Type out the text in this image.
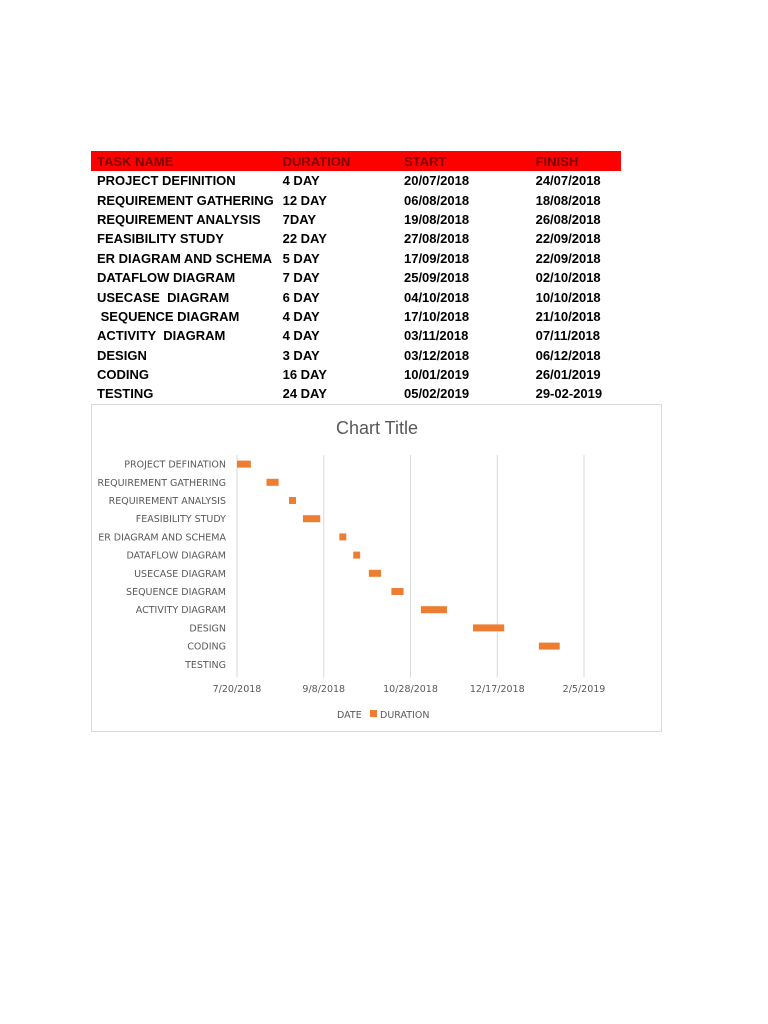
TASK NAME	DURATION	START	FINISH
PROJECT DEFINITION	4 DAY	20/07/2018	24/07/2018
REQUIREMENT GATHERING	12 DAY	06/08/2018	18/08/2018
REQUIREMENT ANALYSIS	7DAY	19/08/2018	26/08/2018
FEASIBILITY STUDY	22 DAY	27/08/2018	22/09/2018
ER DIAGRAM AND SCHEMA	5 DAY	17/09/2018	22/09/2018
DATAFLOW DIAGRAM	7 DAY	25/09/2018	02/10/2018
USECASE  DIAGRAM	6 DAY	04/10/2018	10/10/2018
SEQUENCE DIAGRAM	4 DAY	17/10/2018	21/10/2018
ACTIVITY  DIAGRAM	4 DAY	03/11/2018	07/11/2018
DESIGN	3 DAY	03/12/2018	06/12/2018
CODING	16 DAY	10/01/2019	26/01/2019
TESTING	24 DAY	05/02/2019	29-02-2019
Chart Title
7/20/2018	9/8/2018	10/28/2018	12/17/2018	2/5/2019
PROJECT DEFINATION
REQUIREMENT GATHERING
REQUIREMENT ANALYSIS
FEASIBILITY STUDY
ER DIAGRAM AND SCHEMA
DATAFLOW DIAGRAM
USECASE DIAGRAM
SEQUENCE DIAGRAM
ACTIVITY DIAGRAM
DESIGN
CODING
TESTING
DATE DURATION
